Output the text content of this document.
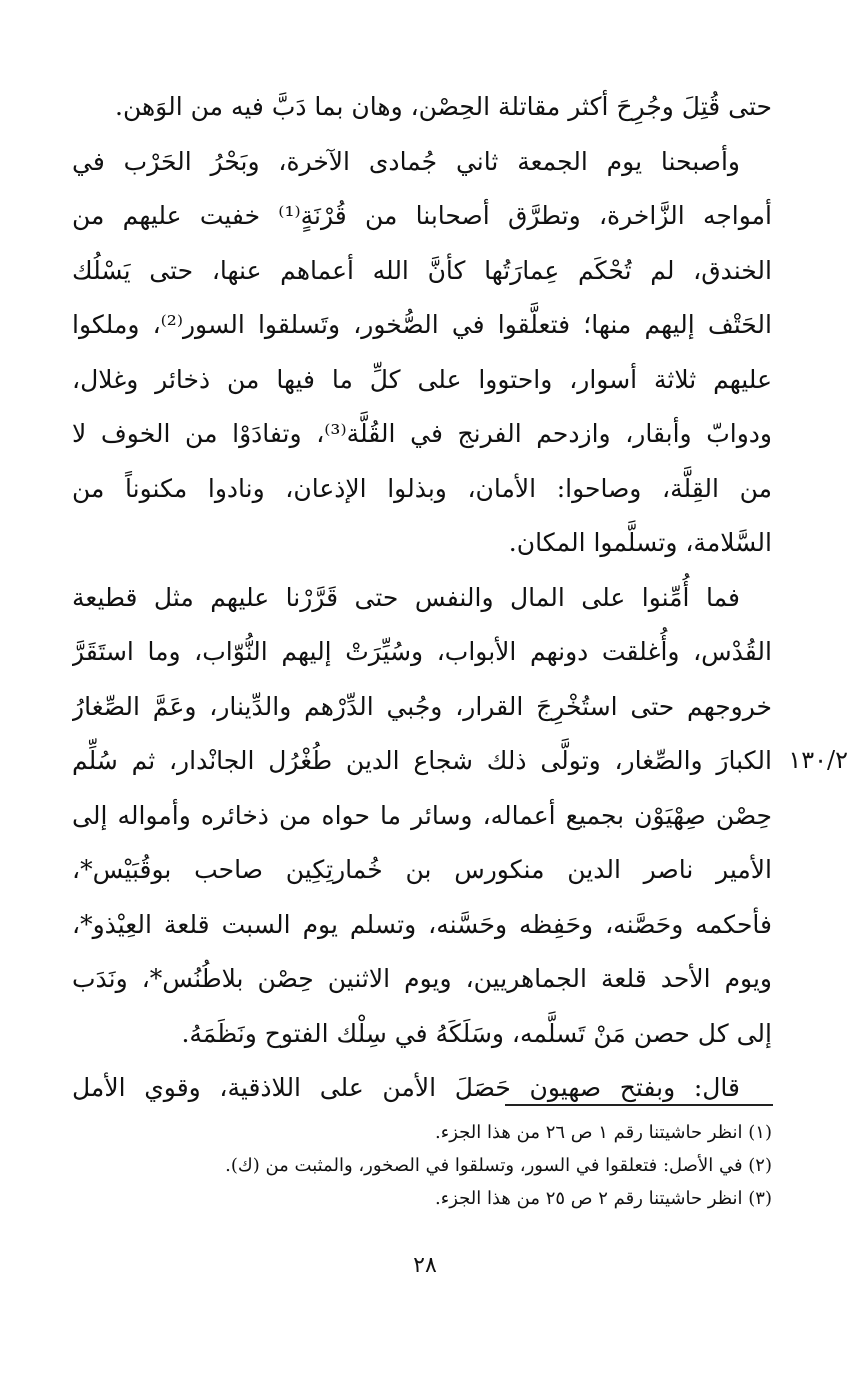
حتى قُتِلَ وجُرِحَ أكثر مقاتلة الحِصْن، وهان بما دَبَّ فيه من الوَهن.
وأصبحنا يوم الجمعة ثاني جُمادى الآخرة، وبَحْرُ الحَرْب في
أمواجه الزَّاخرة، وتطرَّق أصحابنا من قُرْنَةٍ⁽¹⁾ خفيت عليهم من
الخندق، لم تُحْكَم عِمارَتُها كأنَّ الله أعماهم عنها، حتى يَسْلُك
الحَتْف إليهم منها؛ فتعلَّقوا في الصُّخور، وتَسلقوا السور⁽²⁾، وملكوا
عليهم ثلاثة أسوار، واحتووا على كلِّ ما فيها من ذخائر وغلال،
ودوابّ وأبقار، وازدحم الفرنج في القُلَّة⁽³⁾، وتفادَوْا من الخوف لا
من القِلَّة، وصاحوا: الأمان، وبذلوا الإذعان، ونادوا مكنوناً من
السَّلامة، وتسلَّموا المكان.
فما أُمِّنوا على المال والنفس حتى قَرَّرْنا عليهم مثل قطيعة
القُدْس، وأُغلقت دونهم الأبواب، وسُيِّرَتْ إليهم النُّوّاب، وما استَقَرَّ
خروجهم حتى استُخْرِجَ القرار، وجُبي الدِّرْهم والدِّينار، وعَمَّ الصِّغارُ
الكبارَ والصِّغار، وتولَّى ذلك شجاع الدين طُغْرُل الجانْدار، ثم سُلِّم
حِصْن صِهْيَوْن بجميع أعماله، وسائر ما حواه من ذخائره وأمواله إلى
الأمير ناصر الدين منكورس بن خُمارتِكِين صاحب بوقُبَيْس*،
فأحكمه وحَصَّنه، وحَفِظه وحَسَّنه، وتسلم يوم السبت قلعة العِيْذو*،
ويوم الأحد قلعة الجماهريين، ويوم الاثنين حِصْن بلاطُنُس*، ونَدَب
إلى كل حصن مَنْ تَسلَّمه، وسَلَكَهُ في سِلْك الفتوح ونَظَمَهُ.
قال: وبفتح صهيون حَصَلَ الأمن على اللاذقية، وقوي الأمل
١٣٠/٢
(١) انظر حاشيتنا رقم ١ ص ٢٦ من هذا الجزء.
(٢) في الأصل: فتعلقوا في السور، وتسلقوا في الصخور، والمثبت من (ك).
(٣) انظر حاشيتنا رقم ٢ ص ٢٥ من هذا الجزء.
٢٨
